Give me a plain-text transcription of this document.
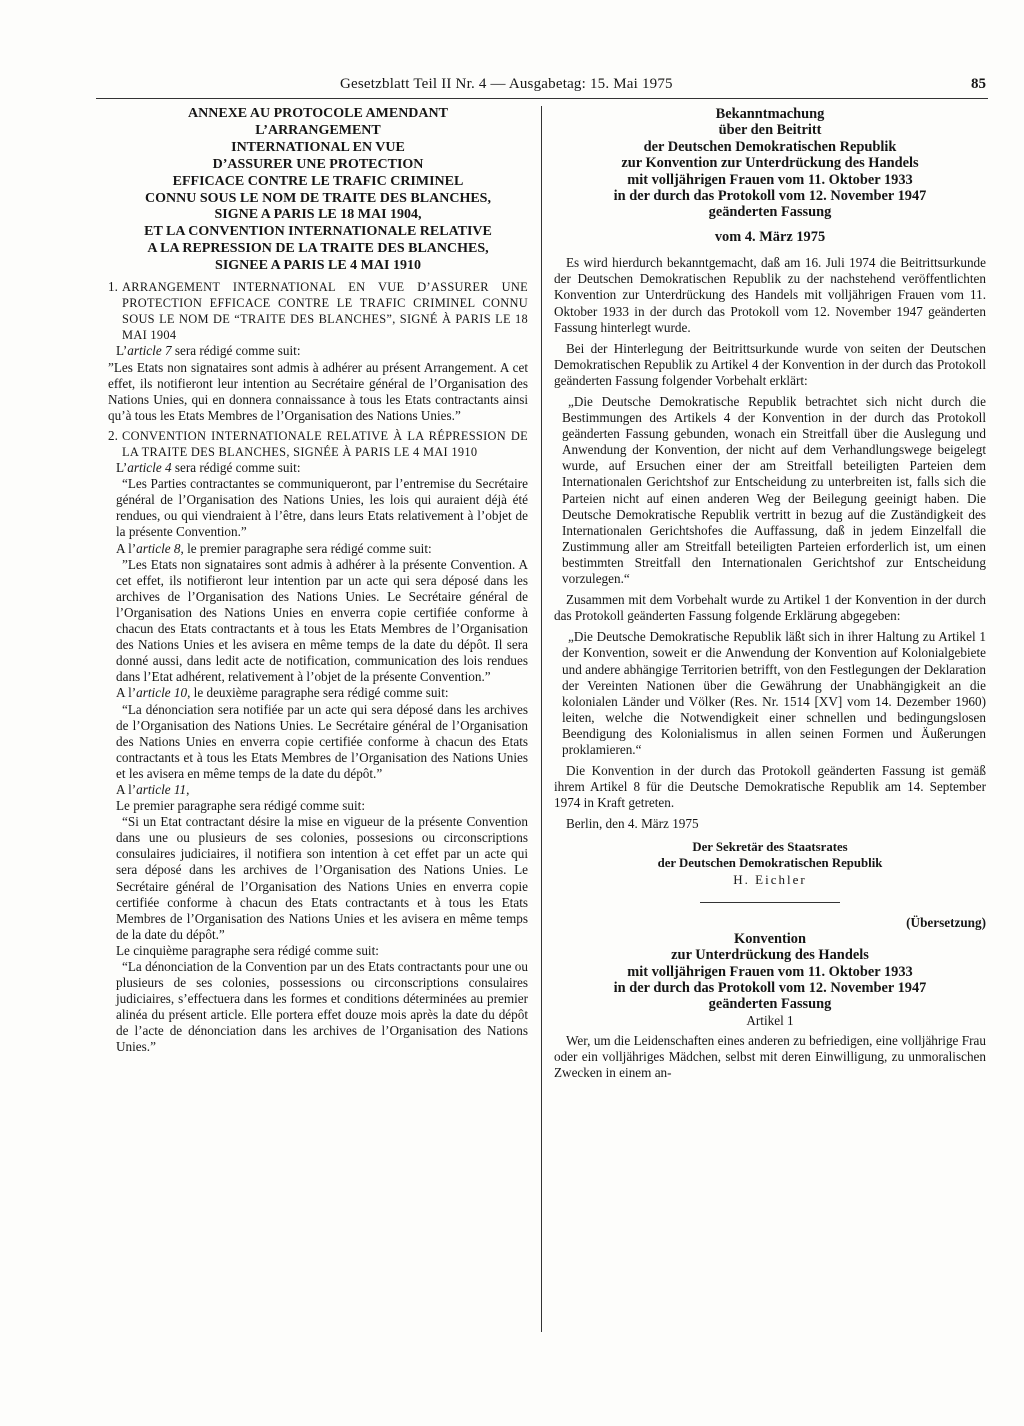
Gesetzblatt Teil II Nr. 4 — Ausgabetag: 15. Mai 1975	85

ANNEXE AU PROTOCOLE AMENDANT

L’ARRANGEMENT

INTERNATIONAL EN VUE

D’ASSURER UNE PROTECTION

EFFICACE CONTRE LE TRAFIC CRIMINEL

CONNU SOUS LE NOM DE TRAITE DES BLANCHES,

SIGNE A PARIS LE 18 MAI 1904,

ET LA CONVENTION INTERNATIONALE RELATIVE

A LA REPRESSION DE LA TRAITE DES BLANCHES,

SIGNEE A PARIS LE 4 MAI 1910

1. ARRANGEMENT INTERNATIONAL EN VUE D’ASSURER UNE PROTECTION EFFICACE CONTRE LE TRAFIC CRIMINEL CONNU SOUS LE NOM DE “TRAITE DES BLANCHES”, SIGNÉ À PARIS LE 18 MAI 1904

L’article 7 sera rédigé comme suit:

”Les Etats non signataires sont admis à adhérer au présent Arrangement. A cet effet, ils notifieront leur intention au Secrétaire général de l’Organisation des Nations Unies, qui en donnera connaissance à tous les Etats contractants ainsi qu’à tous les Etats Membres de l’Organisation des Nations Unies.”

2. CONVENTION INTERNATIONALE RELATIVE À LA RÉPRESSION DE LA TRAITE DES BLANCHES, SIGNÉE À PARIS LE 4 MAI 1910

L’article 4 sera rédigé comme suit:

“Les Parties contractantes se communiqueront, par l’entremise du Secrétaire général de l’Organisation des Nations Unies, les lois qui auraient déjà été rendues, ou qui viendraient à l’être, dans leurs Etats relativement à l’objet de la présente Convention.”

A l’article 8, le premier paragraphe sera rédigé comme suit:

”Les Etats non signataires sont admis à adhérer à la présente Convention. A cet effet, ils notifieront leur intention par un acte qui sera déposé dans les archives de l’Organisation des Nations Unies. Le Secrétaire général de l’Organisation des Nations Unies en enverra copie certifiée conforme à chacun des Etats contractants et à tous les Etats Membres de l’Organisation des Nations Unies et les avisera en même temps de la date du dépôt. Il sera donné aussi, dans ledit acte de notification, communication des lois rendues dans l’Etat adhérent, relativement à l’objet de la présente Convention.”

A l’article 10, le deuxième paragraphe sera rédigé comme suit:

“La dénonciation sera notifiée par un acte qui sera déposé dans les archives de l’Organisation des Nations Unies. Le Secrétaire général de l’Organisation des Nations Unies en enverra copie certifiée conforme à chacun des Etats contractants et à tous les Etats Membres de l’Organisation des Nations Unies et les avisera en même temps de la date du dépôt.”

A l’article 11,

Le premier paragraphe sera rédigé comme suit:

“Si un Etat contractant désire la mise en vigueur de la présente Convention dans une ou plusieurs de ses colonies, possesions ou circonscriptions consulaires judiciaires, il notifiera son intention à cet effet par un acte qui sera déposé dans les archives de l’Organisation des Nations Unies. Le Secrétaire général de l’Organisation des Nations Unies en enverra copie certifiée conforme à chacun des Etats contractants et à tous les Etats Membres de l’Organisation des Nations Unies et les avisera en même temps de la date du dépôt.”

Le cinquième paragraphe sera rédigé comme suit:

“La dénonciation de la Convention par un des Etats contractants pour une ou plusieurs de ses colonies, possessions ou circonscriptions consulaires judiciaires, s’effectuera dans les formes et conditions déterminées au premier alinéa du présent article. Elle portera effet douze mois après la date du dépôt de l’acte de dénonciation dans les archives de l’Organisation des Nations Unies.”

Bekanntmachung

über den Beitritt

der Deutschen Demokratischen Republik

zur Konvention zur Unterdrückung des Handels

mit volljährigen Frauen vom 11. Oktober 1933

in der durch das Protokoll vom 12. November 1947

geänderten Fassung

vom 4. März 1975

Es wird hierdurch bekanntgemacht, daß am 16. Juli 1974 die Beitrittsurkunde der Deutschen Demokratischen Republik zu der nachstehend veröffentlichten Konvention zur Unterdrückung des Handels mit volljährigen Frauen vom 11. Oktober 1933 in der durch das Protokoll vom 12. November 1947 geänderten Fassung hinterlegt wurde.

Bei der Hinterlegung der Beitrittsurkunde wurde von seiten der Deutschen Demokratischen Republik zu Artikel 4 der Konvention in der durch das Protokoll geänderten Fassung folgender Vorbehalt erklärt:

„Die Deutsche Demokratische Republik betrachtet sich nicht durch die Bestimmungen des Artikels 4 der Konvention in der durch das Protokoll geänderten Fassung gebunden, wonach ein Streitfall über die Auslegung und Anwendung der Konvention, der nicht auf dem Verhandlungswege beigelegt wurde, auf Ersuchen einer der am Streitfall beteiligten Parteien dem Internationalen Gerichtshof zur Entscheidung zu unterbreiten ist, falls sich die Parteien nicht auf einen anderen Weg der Beilegung geeinigt haben. Die Deutsche Demokratische Republik vertritt in bezug auf die Zuständigkeit des Internationalen Gerichtshofes die Auffassung, daß in jedem Einzelfall die Zustimmung aller am Streitfall beteiligten Parteien erforderlich ist, um einen bestimmten Streitfall den Internationalen Gerichtshof zur Entscheidung vorzulegen.“

Zusammen mit dem Vorbehalt wurde zu Artikel 1 der Konvention in der durch das Protokoll geänderten Fassung folgende Erklärung abgegeben:

„Die Deutsche Demokratische Republik läßt sich in ihrer Haltung zu Artikel 1 der Konvention, soweit er die Anwendung der Konvention auf Kolonialgebiete und andere abhängige Territorien betrifft, von den Festlegungen der Deklaration der Vereinten Nationen über die Gewährung der Unabhängigkeit an die kolonialen Länder und Völker (Res. Nr. 1514 [XV] vom 14. Dezember 1960) leiten, welche die Notwendigkeit einer schnellen und bedingungslosen Beendigung des Kolonialismus in allen seinen Formen und Äußerungen proklamieren.“

Die Konvention in der durch das Protokoll geänderten Fassung ist gemäß ihrem Artikel 8 für die Deutsche Demokratische Republik am 14. September 1974 in Kraft getreten.

Berlin, den 4. März 1975

Der Sekretär des Staatsrates

der Deutschen Demokratischen Republik

H. Eichler

(Übersetzung)

Konvention

zur Unterdrückung des Handels

mit volljährigen Frauen vom 11. Oktober 1933

in der durch das Protokoll vom 12. November 1947

geänderten Fassung

Artikel 1

Wer, um die Leidenschaften eines anderen zu befriedigen, eine volljährige Frau oder ein volljähriges Mädchen, selbst mit deren Einwilligung, zu unmoralischen Zwecken in einem an-
